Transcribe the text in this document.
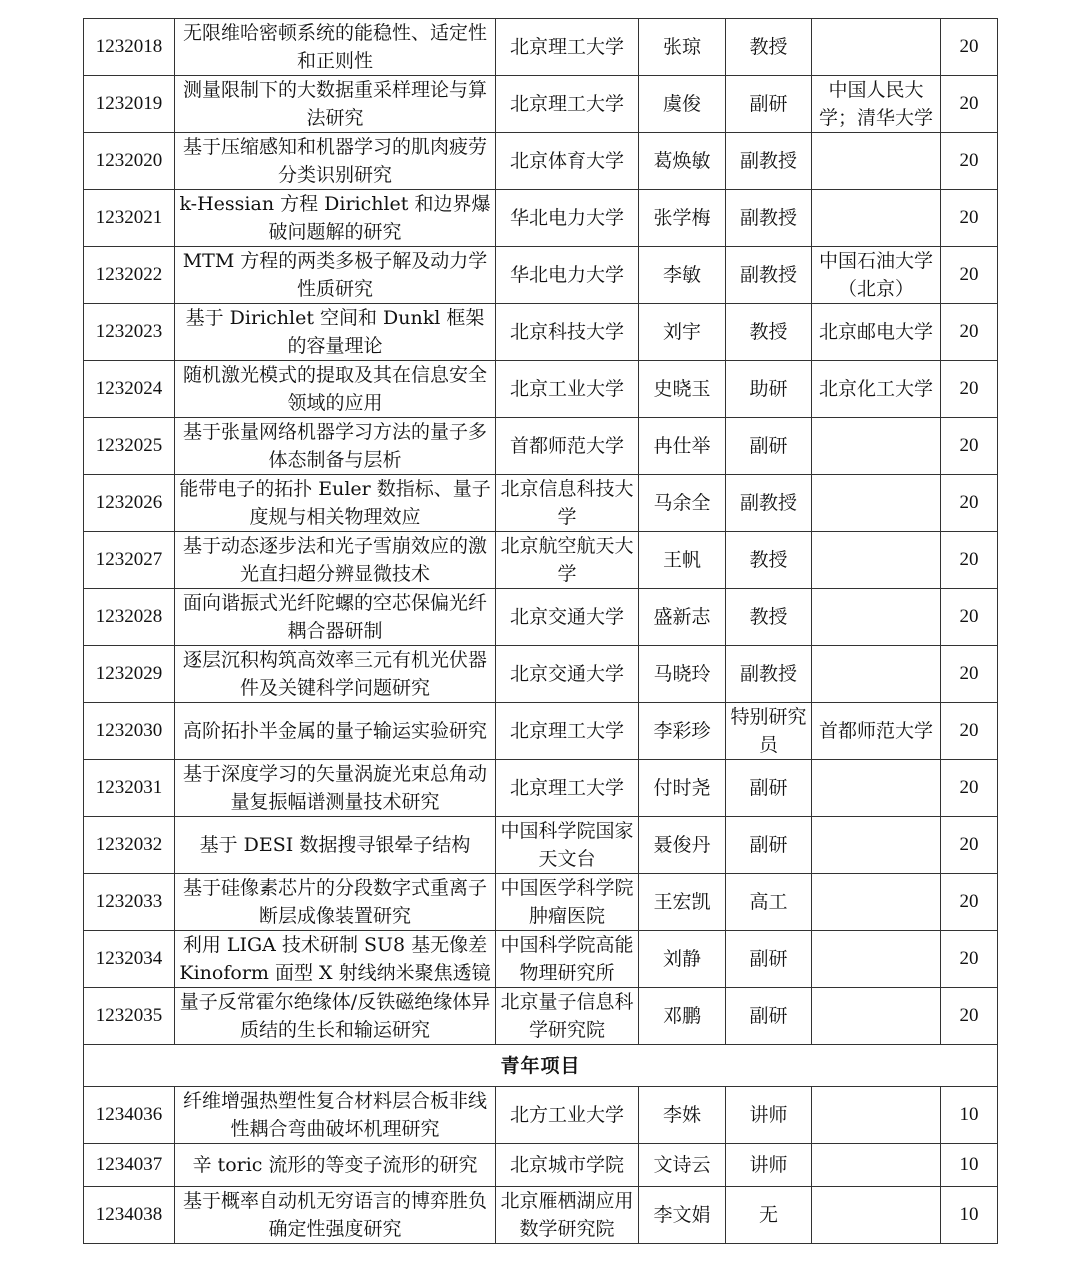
1232018	无限维哈密顿系统的能稳性、适定性和正则性	北京理工大学	张琼	教授		20
1232019	测量限制下的大数据重采样理论与算法研究	北京理工大学	虞俊	副研	中国人民大学；清华大学	20
1232020	基于压缩感知和机器学习的肌肉疲劳分类识别研究	北京体育大学	葛焕敏	副教授		20
1232021	k-Hessian 方程 Dirichlet 和边界爆破问题解的研究	华北电力大学	张学梅	副教授		20
1232022	MTM 方程的两类多极子解及动力学性质研究	华北电力大学	李敏	副教授	中国石油大学（北京）	20
1232023	基于 Dirichlet 空间和 Dunkl 框架的容量理论	北京科技大学	刘宇	教授	北京邮电大学	20
1232024	随机激光模式的提取及其在信息安全领域的应用	北京工业大学	史晓玉	助研	北京化工大学	20
1232025	基于张量网络机器学习方法的量子多体态制备与层析	首都师范大学	冉仕举	副研		20
1232026	能带电子的拓扑 Euler 数指标、量子度规与相关物理效应	北京信息科技大学	马余全	副教授		20
1232027	基于动态逐步法和光子雪崩效应的激光直扫超分辨显微技术	北京航空航天大学	王帆	教授		20
1232028	面向谐振式光纤陀螺的空芯保偏光纤耦合器研制	北京交通大学	盛新志	教授		20
1232029	逐层沉积构筑高效率三元有机光伏器件及关键科学问题研究	北京交通大学	马晓玲	副教授		20
1232030	高阶拓扑半金属的量子输运实验研究	北京理工大学	李彩珍	特别研究员	首都师范大学	20
1232031	基于深度学习的矢量涡旋光束总角动量复振幅谱测量技术研究	北京理工大学	付时尧	副研		20
1232032	基于 DESI 数据搜寻银晕子结构	中国科学院国家天文台	聂俊丹	副研		20
1232033	基于硅像素芯片的分段数字式重离子断层成像装置研究	中国医学科学院肿瘤医院	王宏凯	高工		20
1232034	利用 LIGA 技术研制 SU8 基无像差 Kinoform 面型 X 射线纳米聚焦透镜	中国科学院高能物理研究所	刘静	副研		20
1232035	量子反常霍尔绝缘体/反铁磁绝缘体异质结的生长和输运研究	北京量子信息科学研究院	邓鹏	副研		20
青年项目						
1234036	纤维增强热塑性复合材料层合板非线性耦合弯曲破坏机理研究	北方工业大学	李姝	讲师		10
1234037	辛 toric 流形的等变子流形的研究	北京城市学院	文诗云	讲师		10
1234038	基于概率自动机无穷语言的博弈胜负确定性强度研究	北京雁栖湖应用数学研究院	李文娟	无		10
